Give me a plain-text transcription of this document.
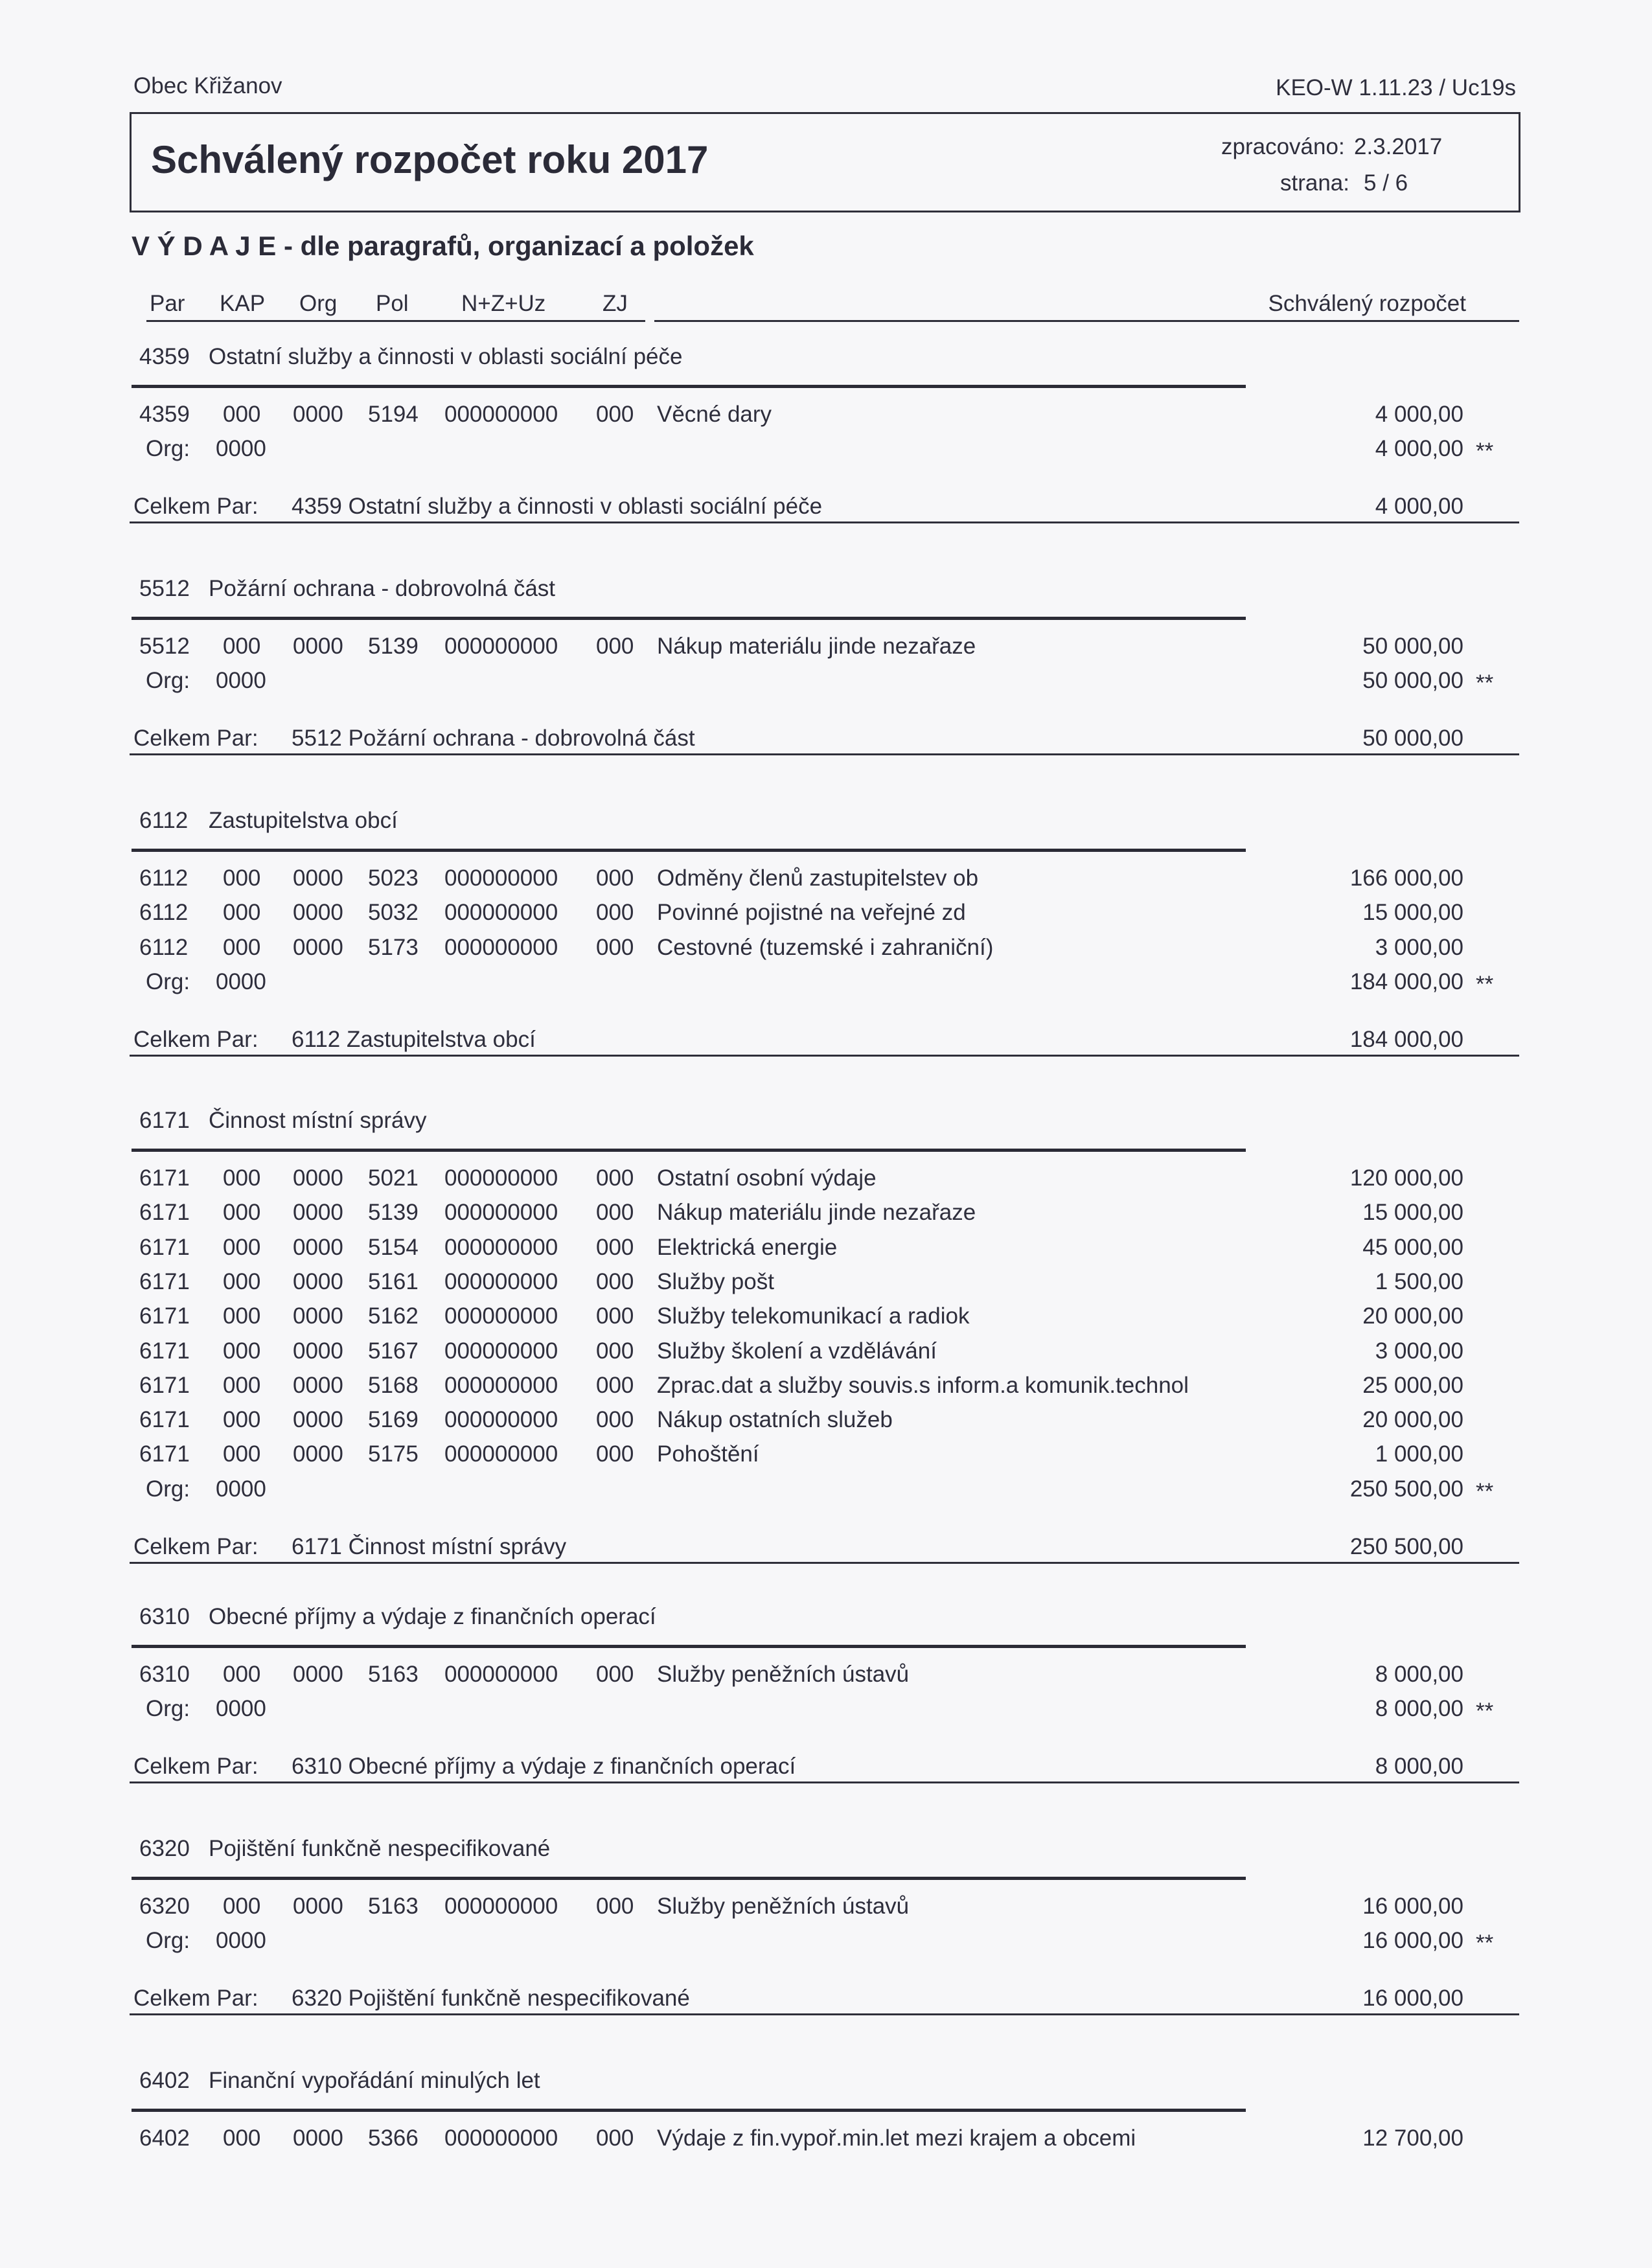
Obec Křižanov	KEO-W 1.11.23 / Uc19s
Schválený rozpočet roku 2017	zpracováno: 2.3.2017
strana: 5 / 6
V Ý D A J E - dle paragrafů, organizací a položek
Par KAP Org Pol N+Z+Uz	ZJ	Schválený rozpočet
4359 Ostatní služby a činnosti v oblasti sociální péče
4359 000 0000 5194 000000000 000 Věcné dary	4 000,00
Org: 0000	4 000,00 **
Celkem Par: 4359 Ostatní služby a činnosti v oblasti sociální péče	4 000,00
5512 Požární ochrana - dobrovolná část
5512 000 0000 5139 000000000 000 Nákup materiálu jinde nezařaze	50 000,00
Org: 0000	50 000,00 **
Celkem Par: 5512 Požární ochrana - dobrovolná část	50 000,00
6112 Zastupitelstva obcí
6112 000 0000 5023 000000000 000 Odměny členů zastupitelstev ob	166 000,00
6112 000 0000 5032 000000000 000 Povinné pojistné na veřejné zd	15 000,00
6112 000 0000 5173 000000000 000 Cestovné (tuzemské i zahraniční)	3 000,00
Org: 0000	184 000,00 **
Celkem Par: 6112 Zastupitelstva obcí	184 000,00
6171 Činnost místní správy
6171 000 0000 5021 000000000 000 Ostatní osobní výdaje	120 000,00
6171 000 0000 5139 000000000 000 Nákup materiálu jinde nezařaze	15 000,00
6171 000 0000 5154 000000000 000 Elektrická energie	45 000,00
6171 000 0000 5161 000000000 000 Služby pošt	1 500,00
6171 000 0000 5162 000000000 000 Služby telekomunikací a radiok	20 000,00
6171 000 0000 5167 000000000 000 Služby školení a vzdělávání	3 000,00
6171 000 0000 5168 000000000 000 Zprac.dat a služby souvis.s inform.a komunik.technol	25 000,00
6171 000 0000 5169 000000000 000 Nákup ostatních služeb	20 000,00
6171 000 0000 5175 000000000 000 Pohoštění	1 000,00
Org: 0000	250 500,00 **
Celkem Par: 6171 Činnost místní správy	250 500,00
6310 Obecné příjmy a výdaje z finančních operací
6310 000 0000 5163 000000000 000 Služby peněžních ústavů	8 000,00
Org: 0000	8 000,00 **
Celkem Par: 6310 Obecné příjmy a výdaje z finančních operací	8 000,00
6320 Pojištění funkčně nespecifikované
6320 000 0000 5163 000000000 000 Služby peněžních ústavů	16 000,00
Org: 0000	16 000,00 **
Celkem Par: 6320 Pojištění funkčně nespecifikované	16 000,00
6402 Finanční vypořádání minulých let
6402 000 0000 5366 000000000 000 Výdaje z fin.vypoř.min.let mezi krajem a obcemi	12 700,00
